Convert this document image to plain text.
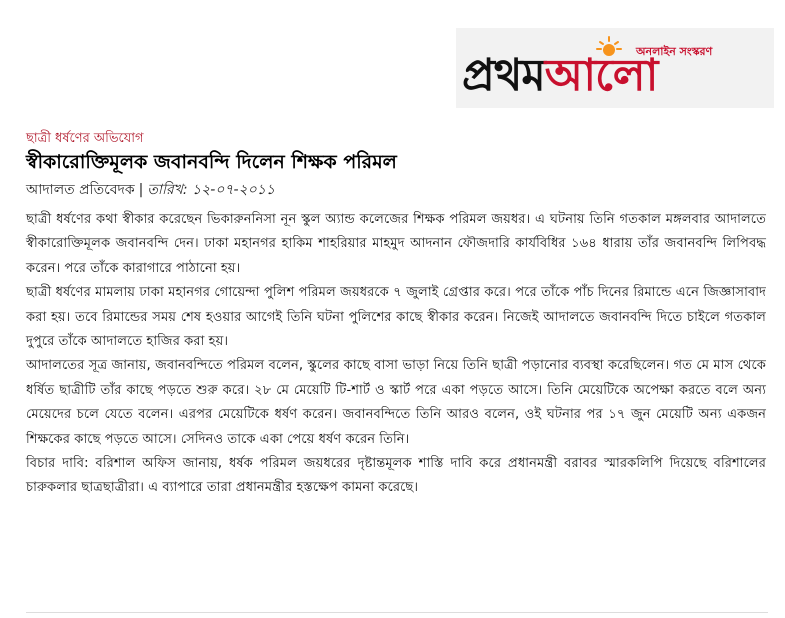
অনলাইন সংস্করণ
প্রথমআলো
ছাত্রী ধর্ষণের অভিযোগ
স্বীকারোক্তিমূলক জবানবন্দি দিলেন শিক্ষক পরিমল
আদালত প্রতিবেদক | তারিখ: ১২-০৭-২০১১

ছাত্রী ধর্ষণের কথা স্বীকার করেছেন ভিকারুননিসা নূন স্কুল অ্যান্ড কলেজের শিক্ষক পরিমল জয়ধর। এ ঘটনায় তিনি গতকাল মঙ্গলবার আদালতে স্বীকারোক্তিমূলক জবানবন্দি দেন। ঢাকা মহানগর হাকিম শাহরিয়ার মাহমুদ আদনান ফৌজদারি কার্যবিধির ১৬৪ ধারায় তাঁর জবানবন্দি লিপিবদ্ধ করেন। পরে তাঁকে কারাগারে পাঠানো হয়।

ছাত্রী ধর্ষণের মামলায় ঢাকা মহানগর গোয়েন্দা পুলিশ পরিমল জয়ধরকে ৭ জুলাই গ্রেপ্তার করে। পরে তাঁকে পাঁচ দিনের রিমান্ডে এনে জিজ্ঞাসাবাদ করা হয়। তবে রিমান্ডের সময় শেষ হওয়ার আগেই তিনি ঘটনা পুলিশের কাছে স্বীকার করেন। নিজেই আদালতে জবানবন্দি দিতে চাইলে গতকাল দুপুরে তাঁকে আদালতে হাজির করা হয়।

আদালতের সূত্র জানায়, জবানবন্দিতে পরিমল বলেন, স্কুলের কাছে বাসা ভাড়া নিয়ে তিনি ছাত্রী পড়ানোর ব্যবস্থা করেছিলেন। গত মে মাস থেকে ধর্ষিত ছাত্রীটি তাঁর কাছে পড়তে শুরু করে। ২৮ মে মেয়েটি টি-শার্ট ও স্কার্ট পরে একা পড়তে আসে। তিনি মেয়েটিকে অপেক্ষা করতে বলে অন্য মেয়েদের চলে যেতে বলেন। এরপর মেয়েটিকে ধর্ষণ করেন। জবানবন্দিতে তিনি আরও বলেন, ওই ঘটনার পর ১৭ জুন মেয়েটি অন্য একজন শিক্ষকের কাছে পড়তে আসে। সেদিনও তাকে একা পেয়ে ধর্ষণ করেন তিনি।

বিচার দাবি: বরিশাল অফিস জানায়, ধর্ষক পরিমল জয়ধরের দৃষ্টান্তমূলক শাস্তি দাবি করে প্রধানমন্ত্রী বরাবর স্মারকলিপি দিয়েছে বরিশালের চারুকলার ছাত্রছাত্রীরা। এ ব্যাপারে তারা প্রধানমন্ত্রীর হস্তক্ষেপ কামনা করেছে।
